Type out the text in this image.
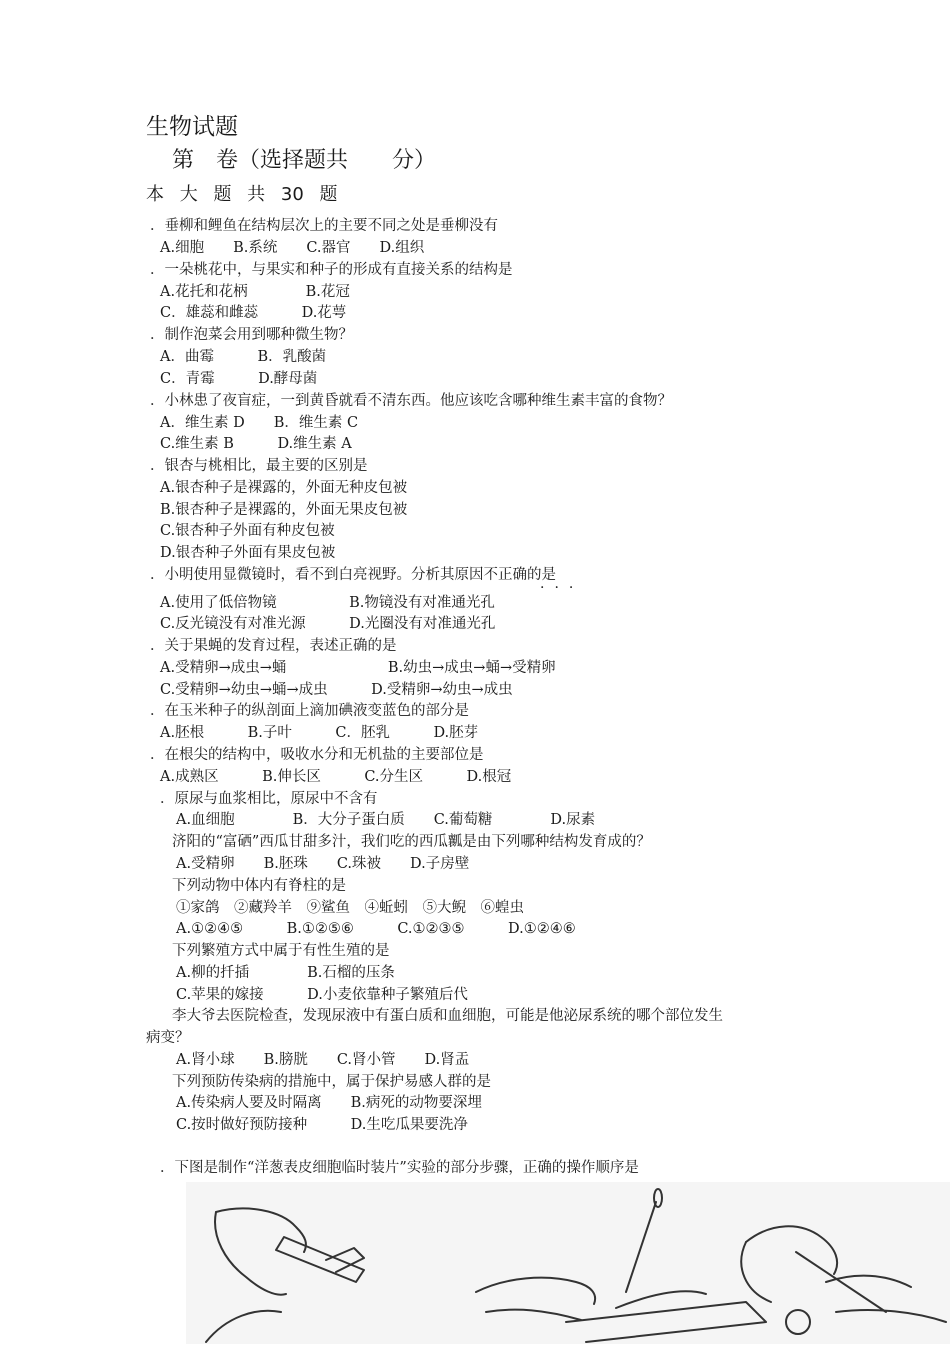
生物试题
第　卷（选择题共　　分）
本 大 题 共 30 题
．垂柳和鲤鱼在结构层次上的主要不同之处是垂柳没有
A.细胞　　B.系统　　C.器官　　D.组织
．一朵桃花中，与果实和种子的形成有直接关系的结构是
A.花托和花柄　　　　B.花冠
C．雄蕊和雌蕊　　　D.花萼
．制作泡菜会用到哪种微生物？
A．曲霉　　　B．乳酸菌
C．青霉　　　D.酵母菌
．小林患了夜盲症，一到黄昏就看不清东西。他应该吃含哪种维生素丰富的食物？
A．维生素 D　　B．维生素 C
C.维生素 B　　　D.维生素 A
．银杏与桃相比，最主要的区别是
A.银杏种子是裸露的，外面无种皮包被
B.银杏种子是裸露的，外面无果皮包被
C.银杏种子外面有种皮包被
D.银杏种子外面有果皮包被
．小明使用显微镜时，看不到白亮视野。分析其原因不正确的是
A.使用了低倍物镜　　　　　B.物镜没有对准通光孔
C.反光镜没有对准光源　　　D.光圈没有对准通光孔
．关于果蝇的发育过程，表述正确的是
A.受精卵→成虫→蛹　　　　　　　B.幼虫→成虫→蛹→受精卵
C.受精卵→幼虫→蛹→成虫　　　D.受精卵→幼虫→成虫
．在玉米种子的纵剖面上滴加碘液变蓝色的部分是
A.胚根　　　B.子叶　　　C．胚乳　　　D.胚芽
．在根尖的结构中，吸收水分和无机盐的主要部位是
A.成熟区　　　B.伸长区　　　C.分生区　　　D.根冠
．原尿与血浆相比，原尿中不含有
A.血细胞　　　　B．大分子蛋白质　　C.葡萄糖　　　　D.尿素
济阳的“富硒”西瓜甘甜多汁，我们吃的西瓜瓤是由下列哪种结构发育成的？
A.受精卵　　B.胚珠　　C.珠被　　D.子房壁
下列动物中体内有脊柱的是
①家鸽　②藏羚羊　⑨鲨鱼　④蚯蚓　⑤大鲵　⑥蝗虫
A.①②④⑤　　　B.①②⑤⑥　　　C.①②③⑤　　　D.①②④⑥
下列繁殖方式中属于有性生殖的是
A.柳的扦插　　　　B.石榴的压条
C.苹果的嫁接　　　D.小麦依靠种子繁殖后代
李大爷去医院检查，发现尿液中有蛋白质和血细胞，可能是他泌尿系统的哪个部位发生
病变？
A.肾小球　　B.膀胱　　C.肾小管　　D.肾盂
下列预防传染病的措施中，属于保护易感人群的是
A.传染病人要及时隔离　　B.病死的动物要深埋
C.按时做好预防接种　　　D.生吃瓜果要洗净
．下图是制作“洋葱表皮细胞临时装片”实验的部分步骤，正确的操作顺序是
···
